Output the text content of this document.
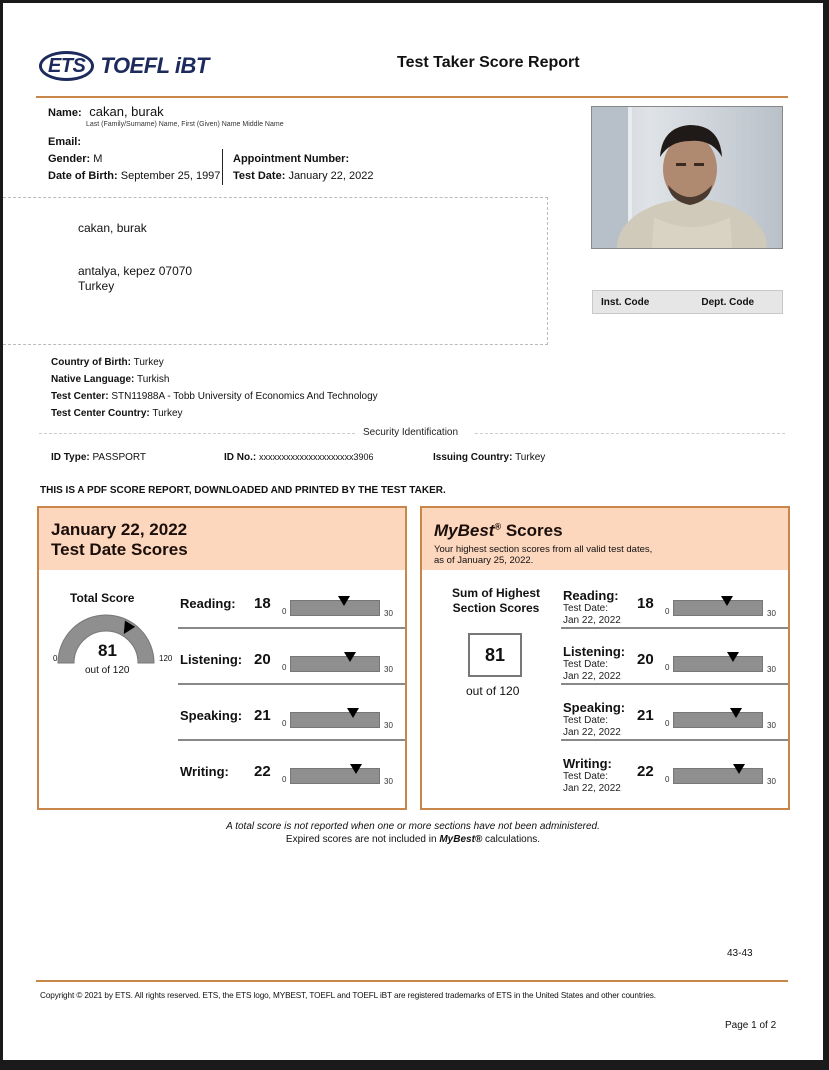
ETS TOEFL iBT	Test Taker Score Report
Name: cakan, burak
Last (Family/Surname) Name, First (Given) Name Middle Name
Email:
Gender: M
Date of Birth: September 25, 1997
Appointment Number:
Test Date: January 22, 2022
Inst. Code	Dept. Code
cakan, burak
antalya, kepez 07070
Turkey
Country of Birth: Turkey
Native Language: Turkish
Test Center: STN11988A - Tobb University of Economics And Technology
Test Center Country: Turkey
Security Identification
ID Type: PASSPORT	ID No.: xxxxxxxxxxxxxxxxxxxxx3906	Issuing Country: Turkey
THIS IS A PDF SCORE REPORT, DOWNLOADED AND PRINTED BY THE TEST TAKER.
January 22, 2022
Test Date Scores
Total Score
81
0	120
out of 120
Reading: 18 0	30
Listening: 20 0	30
Speaking: 21 0	30
Writing: 22 0	30
MyBest® Scores
Your highest section scores from all valid test dates,
as of January 25, 2022.
Sum of Highest
Section Scores
81
out of 120
Reading:
Test Date:
Jan 22, 2022
18 0	30
Listening:
Test Date:
Jan 22, 2022
20 0	30
Speaking:
Test Date:
Jan 22, 2022
21 0	30
Writing:
Test Date:
Jan 22, 2022
22 0	30
A total score is not reported when one or more sections have not been administered.
Expired scores are not included in MyBest® calculations.
43-43
Copyright © 2021 by ETS. All rights reserved. ETS, the ETS logo, MYBEST, TOEFL and TOEFL iBT are registered trademarks of ETS in the United States and other countries.
Page 1 of 2
